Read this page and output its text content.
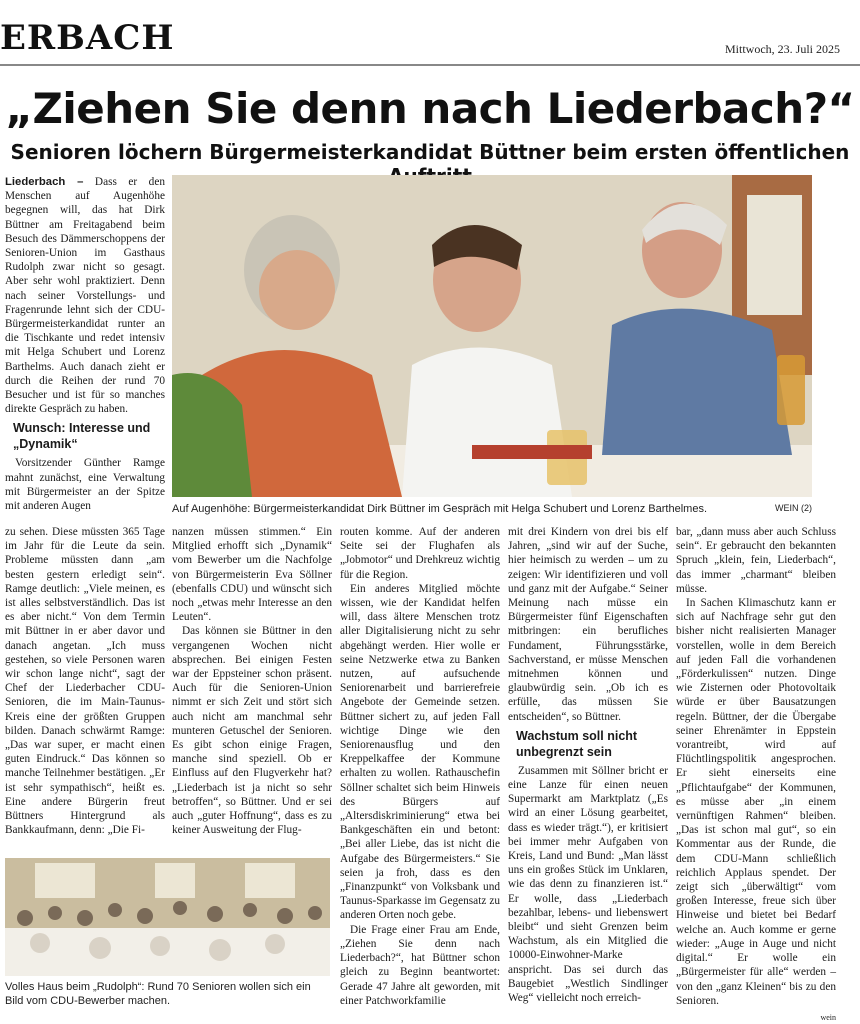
ERBACH	Mittwoch, 23. Juli 2025
„Ziehen Sie denn nach Liederbach?“
Senioren löchern Bürgermeisterkandidat Büttner beim ersten öffentlichen
Auf Augenhöhe: Bürgermeisterkandidat Dirk Büttner im Gespräch mit Helga Schubert und Lorenz Barthelmes.	WEIN (2)

Liederbach – Dass er den Menschen auf Augenhöhe begegnen will, das hat Dirk Büttner am Freitagabend beim Besuch des Dämmerschoppens der Senioren-Union im Gasthaus Rudolph zwar nicht so gesagt. Aber sehr wohl praktiziert. Denn nach seiner Vorstellungs- und Fragenrunde lehnt sich der CDU-Bürgermeisterkandidat runter an die Tischkante und redet intensiv mit Helga Schubert und Lorenz Barthelms. Auch danach zieht er durch die Reihen der rund 70 Besucher und ist für so manches direkte Gespräch zu haben.

Wunsch: Interesse und „Dynamik“

Vorsitzender Günther Ramge mahnt zunächst, eine Verwaltung mit Bürgermeister an der Spitze mit anderen Augen

zu sehen. Diese müssten 365 Tage im Jahr für die Leute da sein. Probleme müssten dann „am besten gestern erledigt sein“. Ramge deutlich: „Viele meinen, es ist alles selbstverständlich. Das ist es aber nicht.“ Von dem Termin mit Büttner in er aber davor und danach angetan. „Ich muss gestehen, so viele Personen waren wir schon lange nicht“, sagt der Chef der Liederbacher CDU-Senioren, die im Main-Taunus-Kreis eine der größten Gruppen bilden. Danach schwärmt Ramge: „Das war super, er macht einen guten Eindruck.“ Das können so manche Teilnehmer bestätigen. „Er ist sehr sympathisch“, heißt es. Eine andere Bürgerin freut Büttners Hintergrund als Bankkaufmann, denn: „Die Fi-

nanzen müssen stimmen.“ Ein Mitglied erhofft sich „Dynamik“ vom Bewerber um die Nachfolge von Bürgermeisterin Eva Söllner (ebenfalls CDU) und wünscht sich noch „etwas mehr Interesse an den Leuten“.

Das können sie Büttner in den vergangenen Wochen nicht absprechen. Bei einigen Festen war der Eppsteiner schon präsent. Auch für die Senioren-Union nimmt er sich Zeit und stört sich auch nicht am manchmal sehr munteren Getuschel der Senioren. Es gibt schon einige Fragen, manche sind speziell. Ob er Einfluss auf den Flugverkehr hat? „Liederbach ist ja nicht so sehr betroffen“, so Büttner. Und er sei auch „guter Hoffnung“, dass es zu keiner Ausweitung der Flug-

routen komme. Auf der anderen Seite sei der Flughafen als „Jobmotor“ und Drehkreuz wichtig für die Region.

Ein anderes Mitglied möchte wissen, wie der Kandidat helfen will, dass ältere Menschen trotz aller Digitalisierung nicht zu sehr abgehängt werden. Hier wolle er seine Netzwerke etwa zu Banken nutzen, auf aufsuchende Seniorenarbeit und barrierefreie Angebote der Gemeinde setzen. Büttner sichert zu, auf jeden Fall wichtige Dinge wie den Seniorenausflug und den Kreppelkaffee der Kommune erhalten zu wollen. Rathauschefin Söllner schaltet sich beim Hinweis des Bürgers auf „Altersdiskriminierung“ etwa bei Bankgeschäften ein und betont: „Bei aller Liebe, das ist nicht die Aufgabe des Bürgermeisters.“ Sie seien ja froh, dass es den „Finanzpunkt“ von Volksbank und Taunus-Sparkasse im Gegensatz zu anderen Orten noch gebe.

Die Frage einer Frau am Ende, „Ziehen Sie denn nach Liederbach?“, hat Büttner schon gleich zu Beginn beantwortet: Gerade 47 Jahre alt geworden, mit einer Patchworkfamilie

mit drei Kindern von drei bis elf Jahren, „sind wir auf der Suche, hier heimisch zu werden – um zu zeigen: Wir identifizieren und voll und ganz mit der Aufgabe.“ Seiner Meinung nach müsse ein Bürgermeister fünf Eigenschaften mitbringen: ein berufliches Fundament, Führungsstärke, Sachverstand, er müsse Menschen mitnehmen können und glaubwürdig sein. „Ob ich es erfülle, das müssen Sie entscheiden“, so Büttner.

Wachstum soll nicht unbegrenzt sein

Zusammen mit Söllner bricht er eine Lanze für einen neuen Supermarkt am Marktplatz („Es wird an einer Lösung gearbeitet, dass es wieder trägt.“), er kritisiert bei immer mehr Aufgaben von Kreis, Land und Bund: „Man lässt uns ein großes Stück im Unklaren, wie das denn zu finanzieren ist.“ Er wolle, dass „Liederbach bezahlbar, lebens- und liebenswert bleibt“ und sieht Grenzen beim Wachstum, als ein Mitglied die 10000-Einwohner-Marke anspricht. Das sei durch das Baugebiet „Westlich Sindlinger Weg“ vielleicht noch erreich-

bar, „dann muss aber auch Schluss sein“. Er gebraucht den bekannten Spruch „klein, fein, Liederbach“, das immer „charmant“ bleiben müsse.

In Sachen Klimaschutz kann er sich auf Nachfrage sehr gut den bisher nicht realisierten Manager vorstellen, wolle in dem Bereich auf jeden Fall die vorhandenen „Förderkulissen“ nutzen. Dinge wie Zisternen oder Photovoltaik würde er über Bausatzungen regeln. Büttner, der die Übergabe seiner Ehrenämter in Eppstein vorantreibt, wird auf Flüchtlingspolitik angesprochen. Er sieht einerseits eine „Pflichtaufgabe“ der Kommunen, es müsse aber „in einem vernünftigen Rahmen“ bleiben. „Das ist schon mal gut“, so ein Kommentar aus der Runde, die dem CDU-Mann schließlich reichlich Applaus spendet. Der zeigt sich „überwältigt“ vom großen Interesse, freue sich über Hinweise und bietet bei Bedarf welche an. Auch komme er gerne wieder: „Auge in Auge und nicht digital.“ Er wolle ein „Bürgermeister für alle“ werden – von den „ganz Kleinen“ bis zu den Senioren.

wein
Volles Haus beim „Rudolph“: Rund 70 Senioren wollen sich ein Bild vom CDU-Bewerber machen.
